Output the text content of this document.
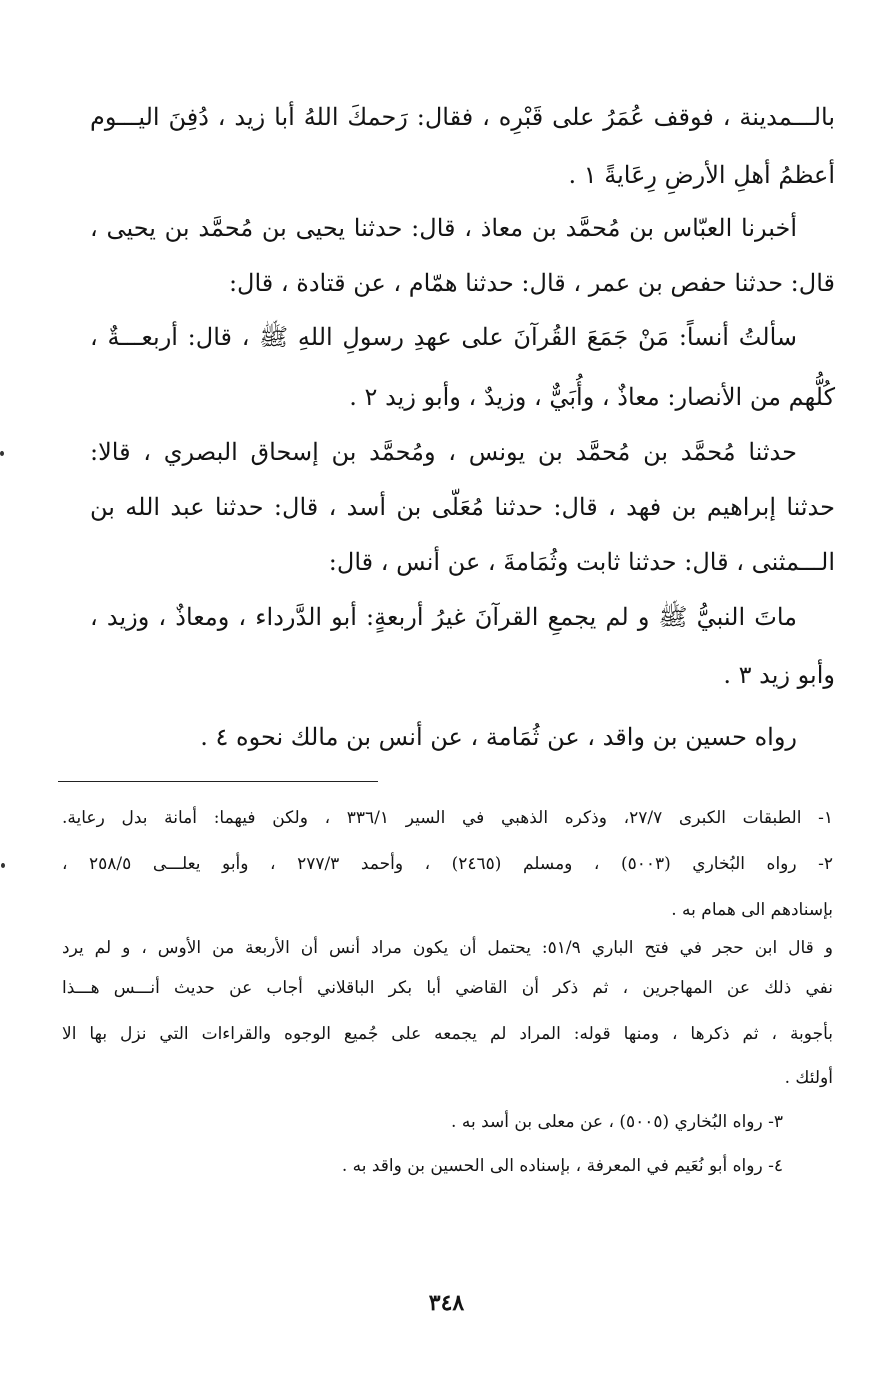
بالـــمدينة ، فوقف عُمَرُ على قَبْرِه ، فقال: رَحمكَ اللهُ أبا زيد ، دُفِنَ اليـــوم
أعظمُ أهلِ الأرضِ رِعَايةً ١ .
أخبرنا العبّاس بن مُحمَّد بن معاذ ، قال: حدثنا يحيى بن مُحمَّد بن يحيى ،
قال: حدثنا حفص بن عمر ، قال: حدثنا همّام ، عن قتادة ، قال:
سألتُ أنساً: مَنْ جَمَعَ القُرآنَ على عهدِ رسولِ اللهِ ﷺ ، قال: أربعـــةٌ ،
كُلُّهم من الأنصار: معاذٌ ، وأُبَيٌّ ، وزيدٌ ، وأبو زيد ٢ .
حدثنا مُحمَّد بن مُحمَّد بن يونس ، ومُحمَّد بن إسحاق البصري ، قالا:
حدثنا إبراهيم بن فهد ، قال: حدثنا مُعَلّى بن أسد ، قال: حدثنا عبد الله بن
الـــمثنى ، قال: حدثنا ثابت وثُمَامةَ ، عن أنس ، قال:
ماتَ النبيُّ ﷺ و لم يجمعِ القرآنَ غيرُ أربعةٍ: أبو الدَّرداء ، ومعاذٌ ، وزيد ،
وأبو زيد ٣ .
رواه حسين بن واقد ، عن ثُمَامة ، عن أنس بن مالك نحوه ٤ .
١- الطبقات الكبرى ٢٧/٧، وذكره الذهبي في السير ٣٣٦/١ ، ولكن فيهما: أمانة بدل رعاية.
٢- رواه البُخاري (٥٠٠٣) ، ومسلم (٢٤٦٥) ، وأحمد ٢٧٧/٣ ، وأبو يعلـــى ٢٥٨/٥ ،
بإسنادهم الى همام به .
و قال ابن حجر في فتح الباري ٥١/٩: يحتمل أن يكون مراد أنس أن الأربعة من الأوس ، و لم يرد
نفي ذلك عن المهاجرين ، ثم ذكر أن القاضي أبا بكر الباقلاني أجاب عن حديث أنـــس هـــذا
بأجوبة ، ثم ذكرها ، ومنها قوله: المراد لم يجمعه على جُميع الوجوه والقراءات التي نزل بها الا
أولئك .
٣- رواه البُخاري (٥٠٠٥) ، عن معلى بن أسد به .
٤- رواه أبو نُعَيم في المعرفة ، بإسناده الى الحسين بن واقد به .
٣٤٨
